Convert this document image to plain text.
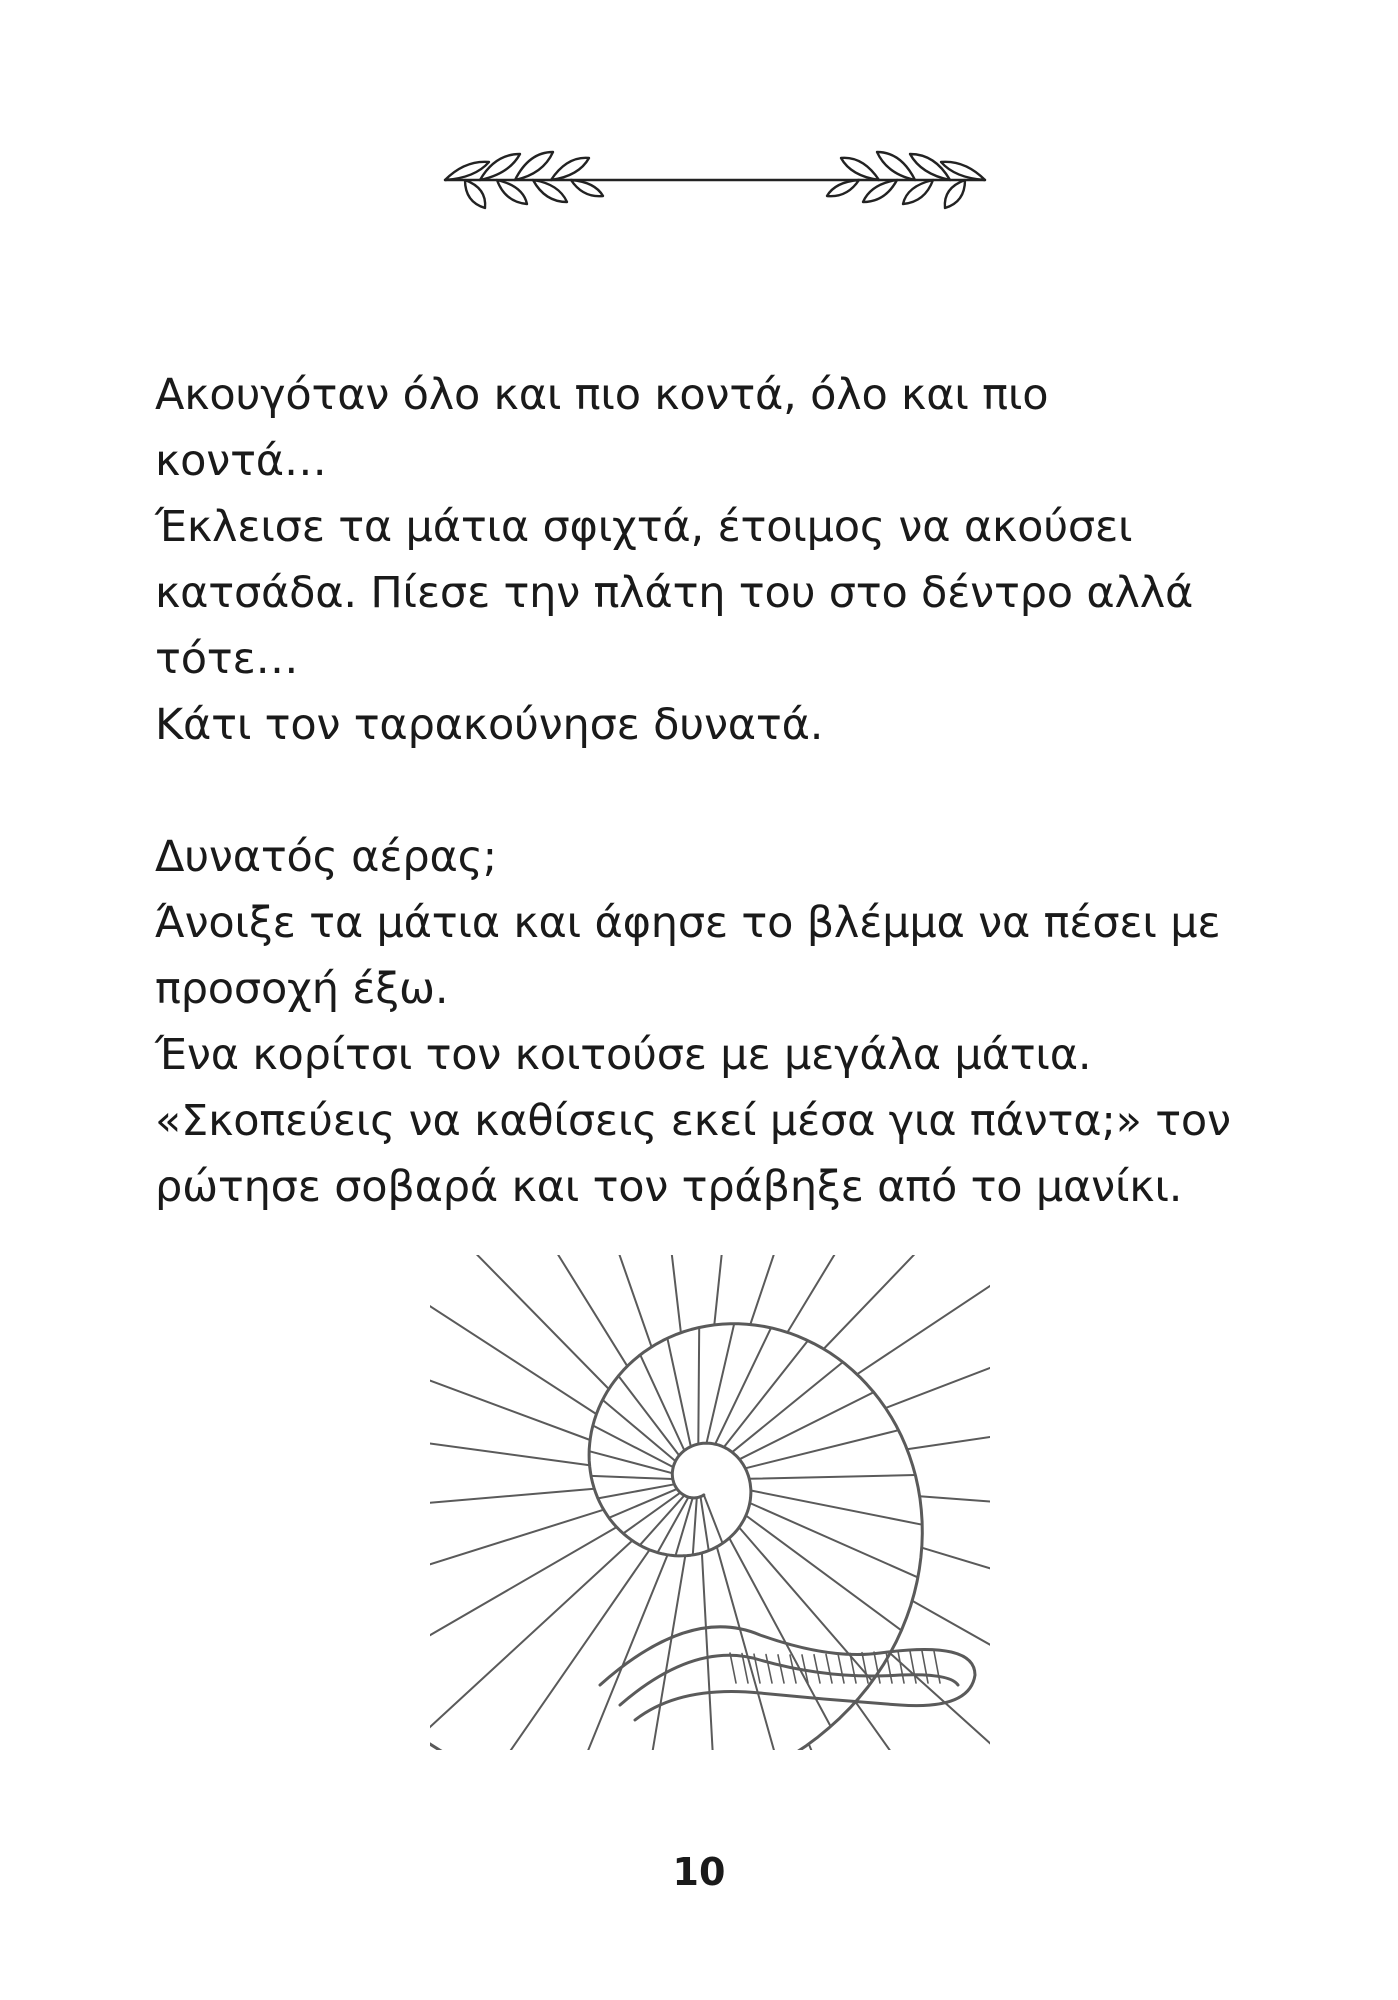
Ακουγόταν όλο και πιο κοντά, όλο και πιο

κοντά…

Έκλεισε τα μάτια σφιχτά, έτοιμος να ακούσει

κατσάδα. Πίεσε την πλάτη του στο δέντρο αλλά

τότε…

Κάτι τον ταρακούνησε δυνατά.

Δυνατός αέρας;

Άνοιξε τα μάτια και άφησε το βλέμμα να πέσει με

προσοχή έξω.

Ένα κορίτσι τον κοιτούσε με μεγάλα μάτια.

«Σκοπεύεις να καθίσεις εκεί μέσα για πάντα;» τον

ρώτησε σοβαρά και τον τράβηξε από το μανίκι.

10
